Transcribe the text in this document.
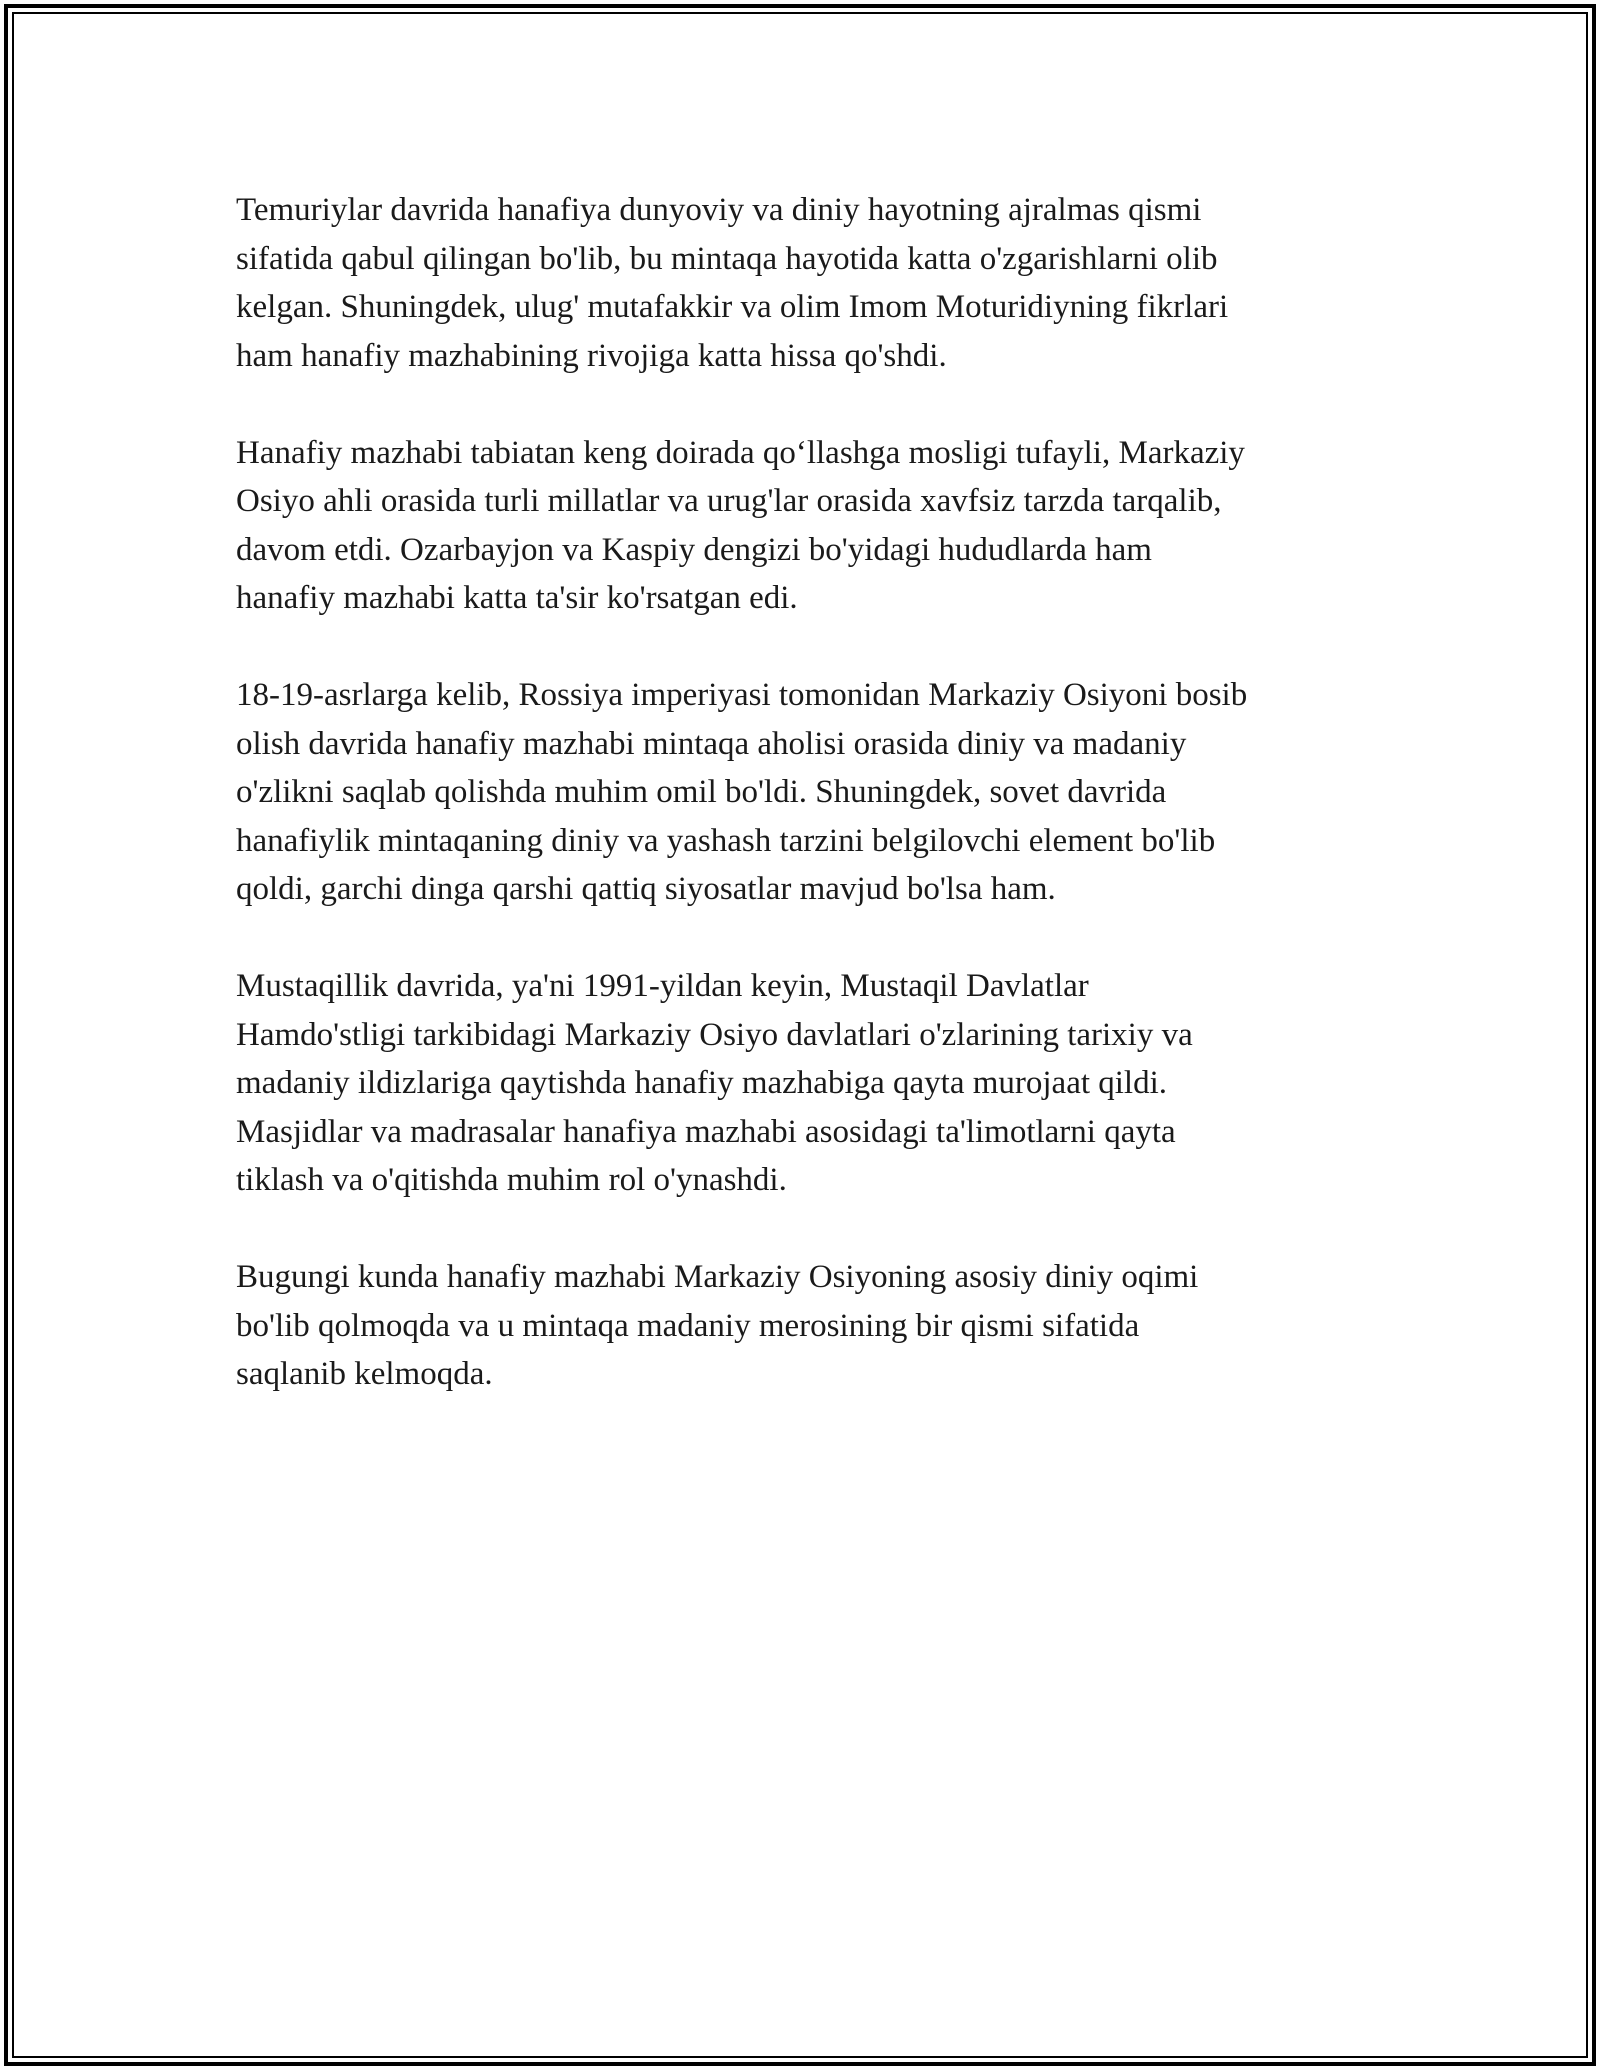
Temuriylar davrida hanafiya dunyoviy va diniy hayotning ajralmas qismi
sifatida qabul qilingan bo'lib, bu mintaqa hayotida katta o'zgarishlarni olib
kelgan. Shuningdek, ulug' mutafakkir va olim Imom Moturidiyning fikrlari
ham hanafiy mazhabining rivojiga katta hissa qo'shdi.

Hanafiy mazhabi tabiatan keng doirada qo‘llashga mosligi tufayli, Markaziy
Osiyo ahli orasida turli millatlar va urug'lar orasida xavfsiz tarzda tarqalib,
davom etdi. Ozarbayjon va Kaspiy dengizi bo'yidagi hududlarda ham
hanafiy mazhabi katta ta'sir ko'rsatgan edi.

18-19-asrlarga kelib, Rossiya imperiyasi tomonidan Markaziy Osiyoni bosib
olish davrida hanafiy mazhabi mintaqa aholisi orasida diniy va madaniy
o'zlikni saqlab qolishda muhim omil bo'ldi. Shuningdek, sovet davrida
hanafiylik mintaqaning diniy va yashash tarzini belgilovchi element bo'lib
qoldi, garchi dinga qarshi qattiq siyosatlar mavjud bo'lsa ham.

Mustaqillik davrida, ya'ni 1991-yildan keyin, Mustaqil Davlatlar
Hamdo'stligi tarkibidagi Markaziy Osiyo davlatlari o'zlarining tarixiy va
madaniy ildizlariga qaytishda hanafiy mazhabiga qayta murojaat qildi.
Masjidlar va madrasalar hanafiya mazhabi asosidagi ta'limotlarni qayta
tiklash va o'qitishda muhim rol o'ynashdi.

Bugungi kunda hanafiy mazhabi Markaziy Osiyoning asosiy diniy oqimi
bo'lib qolmoqda va u mintaqa madaniy merosining bir qismi sifatida
saqlanib kelmoqda.
